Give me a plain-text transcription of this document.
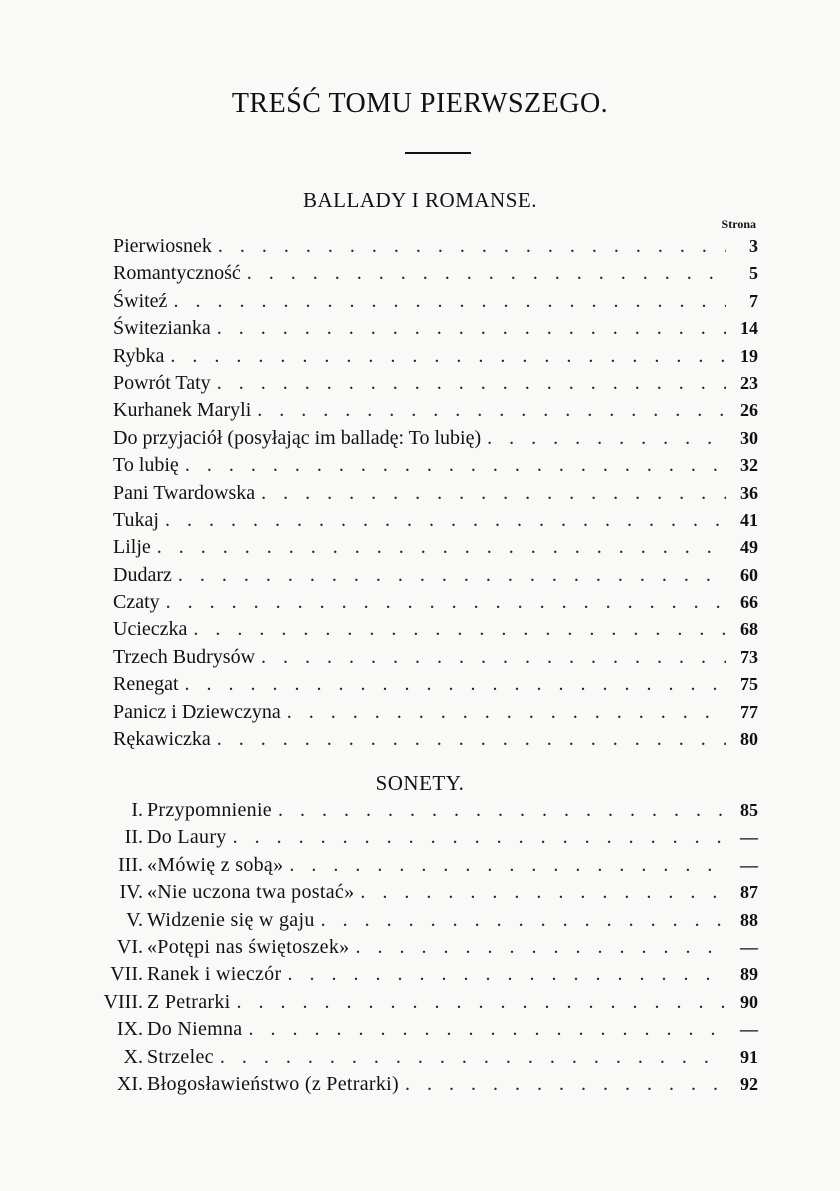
TREŚĆ TOMU PIERWSZEGO.
BALLADY I ROMANSE.
Strona
Pierwiosnek . . .	3
Romantyczność . . .	5
Świteź . . .	7
Świtezianka . . .	14
Rybka . . .	19
Powrót Taty . . .	23
Kurhanek Maryli . . .	26
Do przyjaciół (posyłając im balladę: To lubię) . . .	30
To lubię . . .	32
Pani Twardowska . . .	36
Tukaj . . .	41
Lilje . . .	49
Dudarz . . .	60
Czaty . . .	66
Ucieczka . . .	68
Trzech Budrysów . . .	73
Renegat . . .	75
Panicz i Dziewczyna . . .	77
Rękawiczka . . .	80
SONETY.
I. Przypomnienie . . .	85
II. Do Laury . . .	—
III. «Mówię z sobą» . . .	—
IV. «Nie uczona twa postać» . . .	87
V. Widzenie się w gaju . . .	88
VI. «Potępi nas świętoszek» . . .	—
VII. Ranek i wieczór . . .	89
VIII. Z Petrarki . . .	90
IX. Do Niemna . . .	—
X. Strzelec . . .	91
XI. Błogosławieństwo (z Petrarki) . . .	92
